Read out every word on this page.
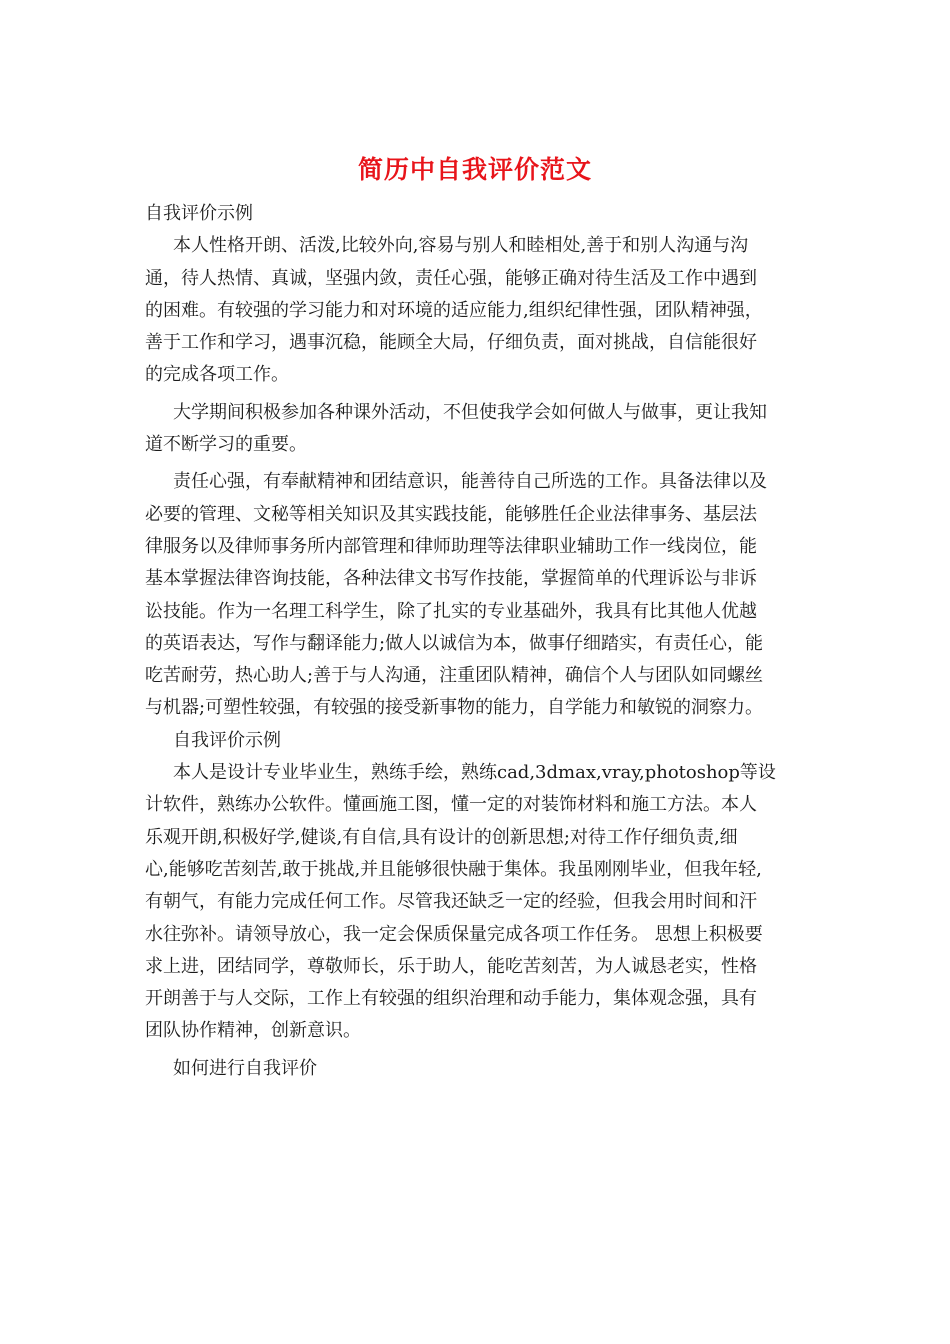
简历中自我评价范文
自我评价示例
本人性格开朗、活泼,比较外向,容易与别人和睦相处,善于和别人沟通与沟
通，待人热情、真诚，坚强内敛，责任心强，能够正确对待生活及工作中遇到
的困难。有较强的学习能力和对环境的适应能力,组织纪律性强，团队精神强，
善于工作和学习，遇事沉稳，能顾全大局，仔细负责，面对挑战，自信能很好
的完成各项工作。
大学期间积极参加各种课外活动，不但使我学会如何做人与做事，更让我知
道不断学习的重要。
责任心强，有奉献精神和团结意识，能善待自己所选的工作。具备法律以及
必要的管理、文秘等相关知识及其实践技能，能够胜任企业法律事务、基层法
律服务以及律师事务所内部管理和律师助理等法律职业辅助工作一线岗位，能
基本掌握法律咨询技能，各种法律文书写作技能，掌握简单的代理诉讼与非诉
讼技能。作为一名理工科学生，除了扎实的专业基础外，我具有比其他人优越
的英语表达，写作与翻译能力;做人以诚信为本，做事仔细踏实，有责任心，能
吃苦耐劳，热心助人;善于与人沟通，注重团队精神，确信个人与团队如同螺丝
与机器;可塑性较强，有较强的接受新事物的能力，自学能力和敏锐的洞察力。
自我评价示例
本人是设计专业毕业生，熟练手绘，熟练cad,3dmax,vray,photoshop等设
计软件，熟练办公软件。懂画施工图，懂一定的对装饰材料和施工方法。本人
乐观开朗,积极好学,健谈,有自信,具有设计的创新思想;对待工作仔细负责,细
心,能够吃苦刻苦,敢于挑战,并且能够很快融于集体。我虽刚刚毕业，但我年轻,
有朝气，有能力完成任何工作。尽管我还缺乏一定的经验，但我会用时间和汗
水往弥补。请领导放心，我一定会保质保量完成各项工作任务。 思想上积极要
求上进，团结同学，尊敬师长，乐于助人，能吃苦刻苦，为人诚恳老实，性格
开朗善于与人交际，工作上有较强的组织治理和动手能力，集体观念强，具有
团队协作精神，创新意识。
如何进行自我评价
